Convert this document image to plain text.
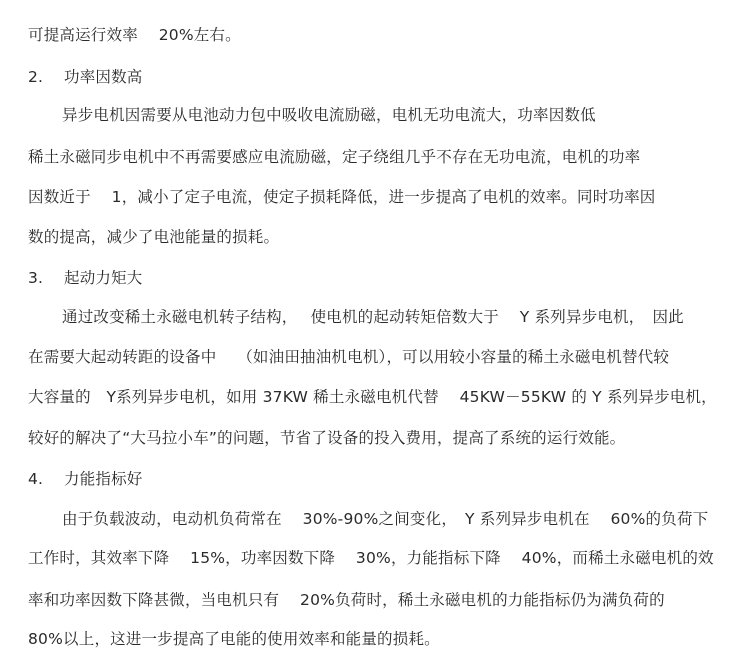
可提高运行效率　 20%左右。
2. 功率因数高
异步电机因需要从电池动力包中吸收电流励磁，电机无功电流大，功率因数低
稀土永磁同步电机中不再需要感应电流励磁，定子绕组几乎不存在无功电流，电机的功率
因数近于　 1，减小了定子电流，使定子损耗降低，进一步提高了电机的效率。同时功率因
数的提高，减少了电池能量的损耗。
3. 起动力矩大
通过改变稀土永磁电机转子结构，　 使电机的起动转矩倍数大于　 Y 系列异步电机，　因此
在需要大起动转距的设备中　 （如油田抽油机电机），可以用较小容量的稀土永磁电机替代较
大容量的　Y系列异步电机，如用 37KW 稀土永磁电机代替　 45KW－55KW 的 Y 系列异步电机，
较好的解决了“大马拉小车”的问题，节省了设备的投入费用，提高了系统的运行效能。
4. 力能指标好
由于负载波动，电动机负荷常在　 30%-90%之间变化，　Y 系列异步电机在　 60%的负荷下
工作时，其效率下降　 15%，功率因数下降　 30%，力能指标下降　 40%，而稀土永磁电机的效
率和功率因数下降甚微，当电机只有　 20%负荷时，稀土永磁电机的力能指标仍为满负荷的
80%以上，这进一步提高了电能的使用效率和能量的损耗。
